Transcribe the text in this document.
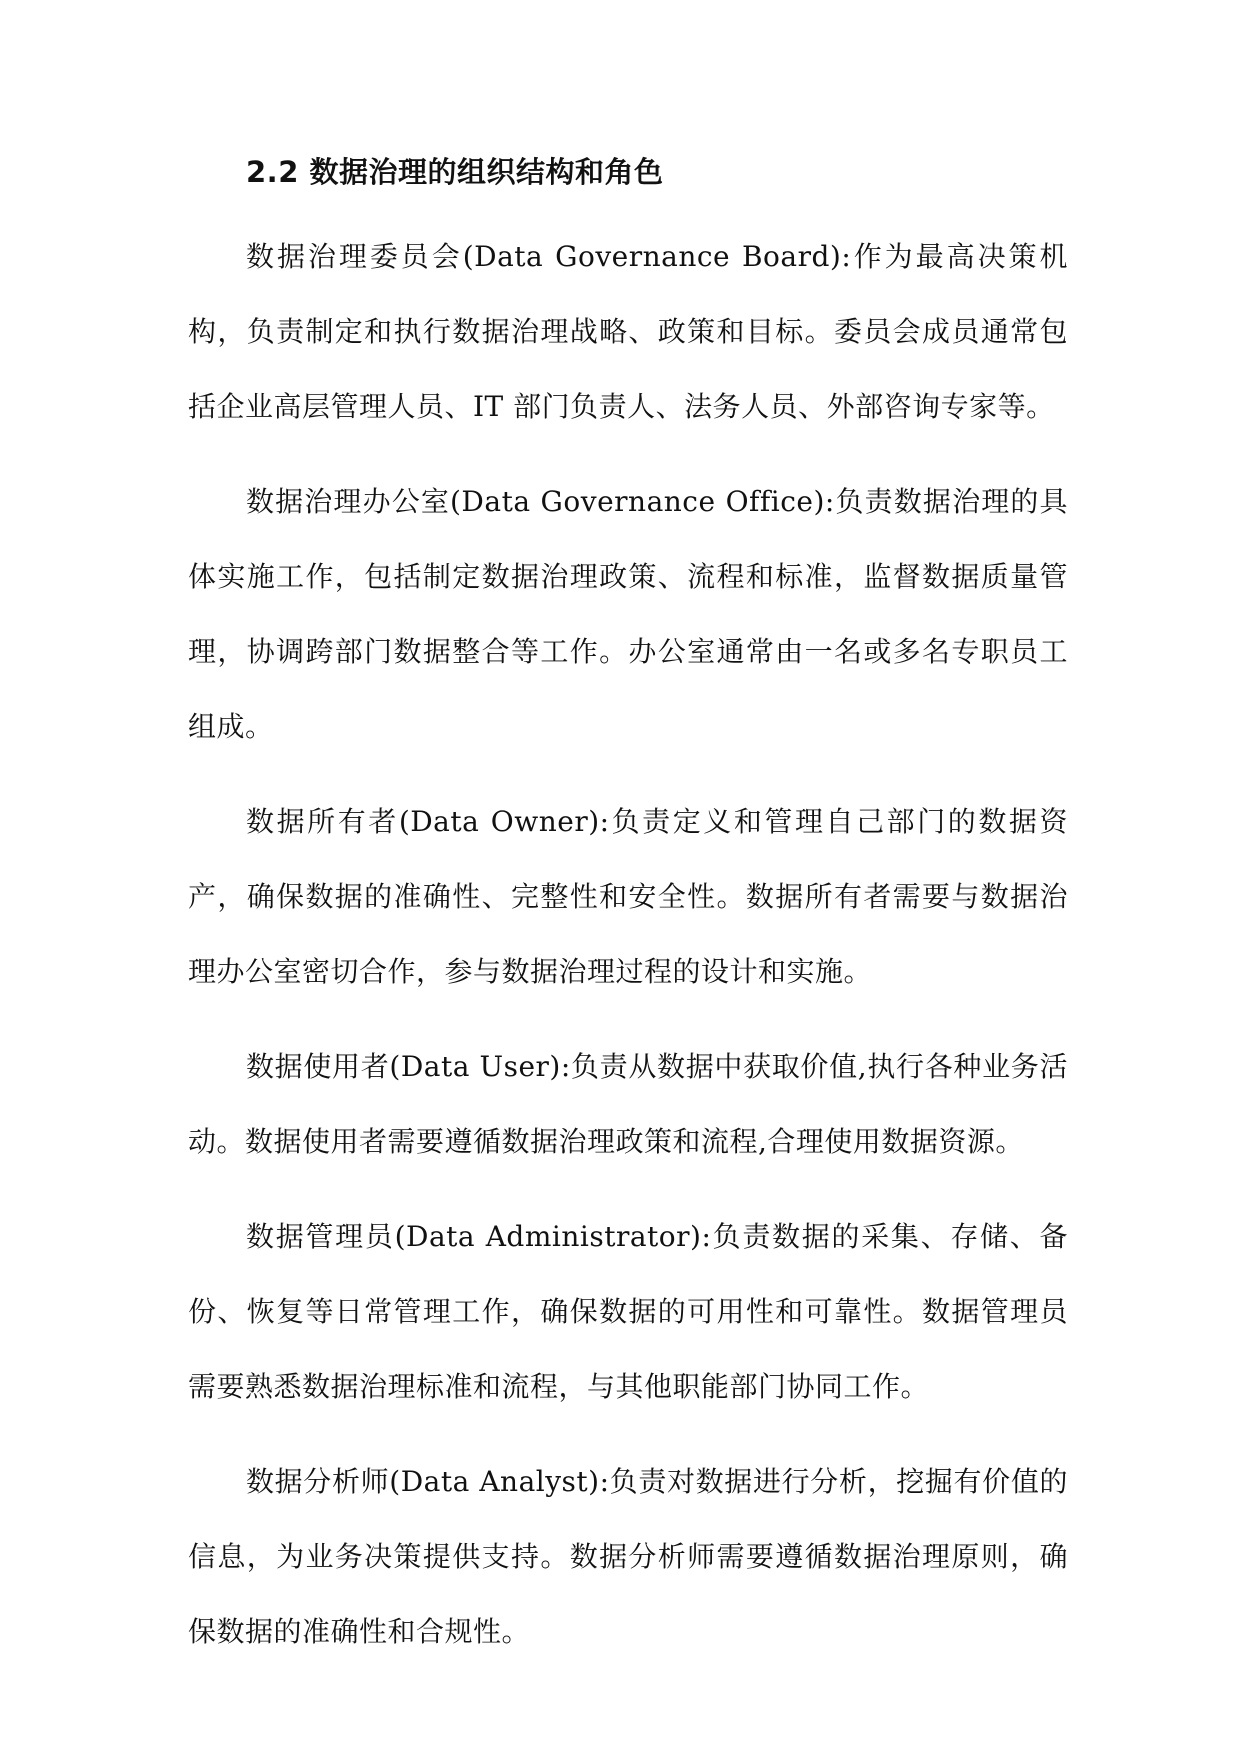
2.2 数据治理的组织结构和角色

数据治理委员会(Data Governance Board):作为最高决策机构，负责制定和执行数据治理战略、政策和目标。委员会成员通常包括企业高层管理人员、IT 部门负责人、法务人员、外部咨询专家等。

数据治理办公室(Data Governance Office):负责数据治理的具体实施工作，包括制定数据治理政策、流程和标准，监督数据质量管理，协调跨部门数据整合等工作。办公室通常由一名或多名专职员工组成。

数据所有者(Data Owner):负责定义和管理自己部门的数据资产，确保数据的准确性、完整性和安全性。数据所有者需要与数据治理办公室密切合作，参与数据治理过程的设计和实施。

数据使用者(Data User):负责从数据中获取价值,执行各种业务活动。数据使用者需要遵循数据治理政策和流程,合理使用数据资源。

数据管理员(Data Administrator):负责数据的采集、存储、备份、恢复等日常管理工作，确保数据的可用性和可靠性。数据管理员需要熟悉数据治理标准和流程，与其他职能部门协同工作。

数据分析师(Data Analyst):负责对数据进行分析，挖掘有价值的信息，为业务决策提供支持。数据分析师需要遵循数据治理原则，确保数据的准确性和合规性。
